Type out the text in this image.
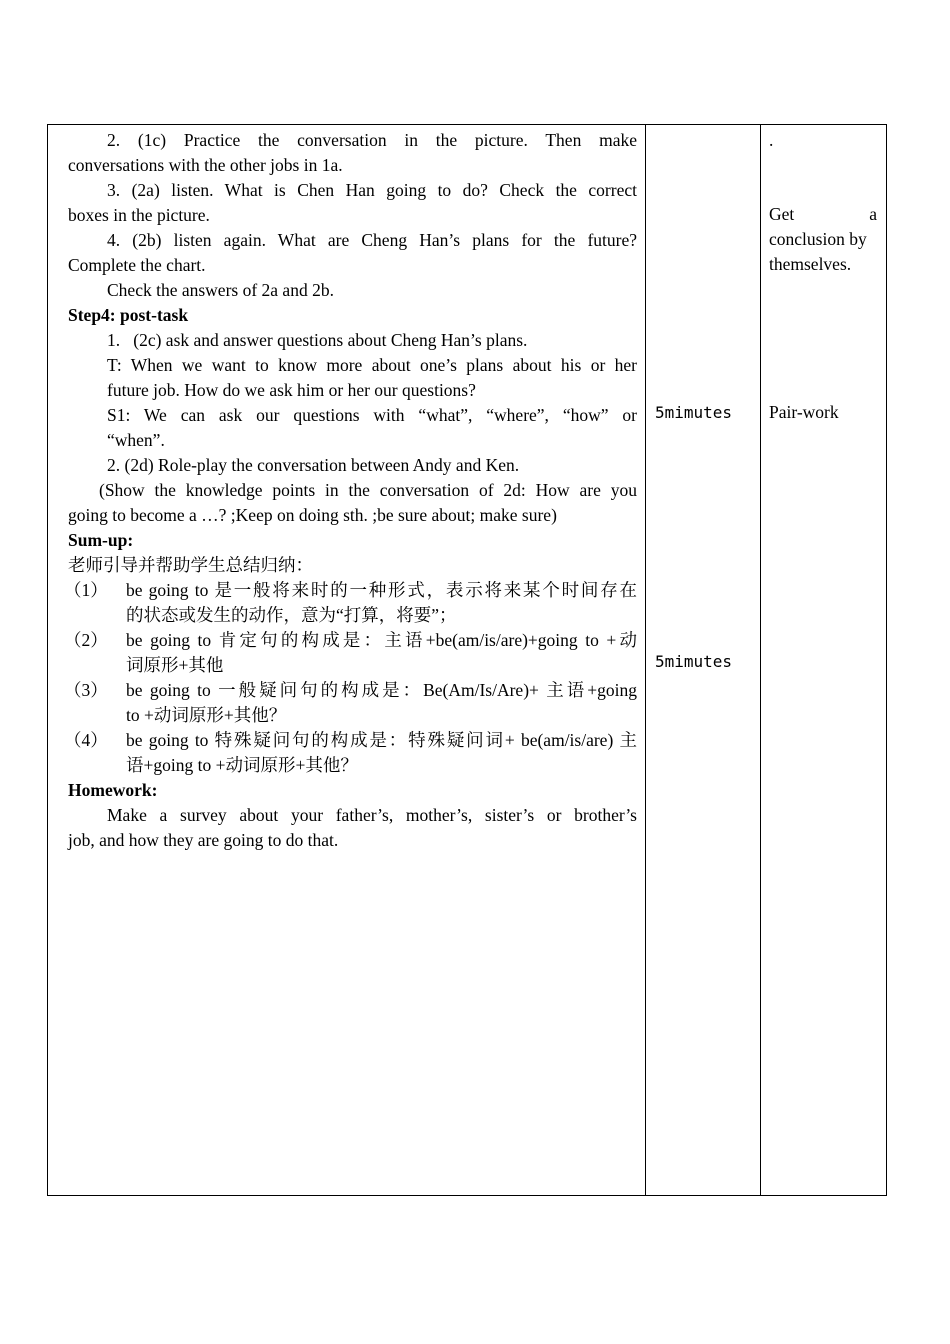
2. (1c) Practice the conversation in the picture. Then make
conversations with the other jobs in 1a.
3. (2a) listen. What is Chen Han going to do? Check the correct
boxes in the picture.
4. (2b) listen again. What are Cheng Han’s plans for the future?
Complete the chart.
Check the answers of 2a and 2b.
Step4: post-task
1.   (2c) ask and answer questions about Cheng Han’s plans.
T: When we want to know more about one’s plans about his or her
future job. How do we ask him or her our questions?
S1: We can ask our questions with “what”, “where”, “how” or
“when”.
2. (2d) Role-play the conversation between Andy and Ken.
(Show the knowledge points in the conversation of 2d: How are you
going to become a …? ;Keep on doing sth. ;be sure about; make sure)
Sum-up:
老师引导并帮助学生总结归纳：
（1） be going to 是一般将来时的一种形式，表示将来某个时间存在
的状态或发生的动作，意为“打算，将要”；
（2） be going to 肯定句的构成是：主语+be(am/is/are)+going to +动
词原形+其他
（3） be going to 一般疑问句的构成是：Be(Am/Is/Are)+ 主语+going
to +动词原形+其他？
（4） be going to 特殊疑问句的构成是：特殊疑问词+ be(am/is/are) 主
语+going to +动词原形+其他？
Homework:
Make a survey about your father’s, mother’s, sister’s or brother’s
job, and how they are going to do that.
5mimutes
5mimutes
.
Get	a
conclusion by
themselves.
Pair-work
